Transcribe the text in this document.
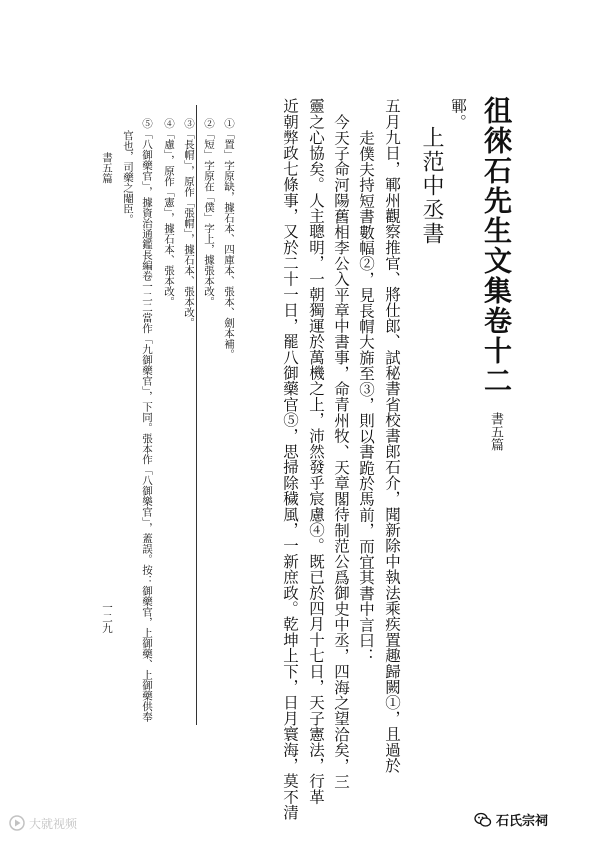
徂徠石先生文集卷十二
書五篇
上范中丞書
鄆。
五月九日，鄆州觀察推官、將仕郎、試秘書省校書郎石介，聞新除中執法乘疾置趣歸闕①，且過於
走僕夫持短書數幅②，見長㡌大旆至③，則以書跪於馬前，而宜其書中言曰：
今天子命河陽舊相李公入平章中書事，命青州牧、天章閣待制范公爲御史中丞，四海之望洽矣，三
靈之心協矣。人主聰明，一朝獨運於萬機之上，沛然發乎宸慮④。既已於四月十七日，天子憲法，行革
近朝弊政七條事，又於二十一日，罷八御藥官⑤，思掃除穢風，一新庶政。乾坤上下，日月寰海，莫不清
①「置」字原缺，據石本、四庫本、張本、劍本補。
②「短」字原在「僕」字上，據張本改。
③「長㡌」，原作「張㡌」，據石本、張本改。
④「慮」，原作「憲」，據石本、張本改。
⑤「八御藥官」，據資治通鑑長編卷一二二當作「九御藥官」，下同。張本作「八御樂官」，蓋誤。按：御藥官，上御藥、上御藥供奉
官也，司藥之閹臣。
書五篇
一二九
大就视频	石氏宗祠
